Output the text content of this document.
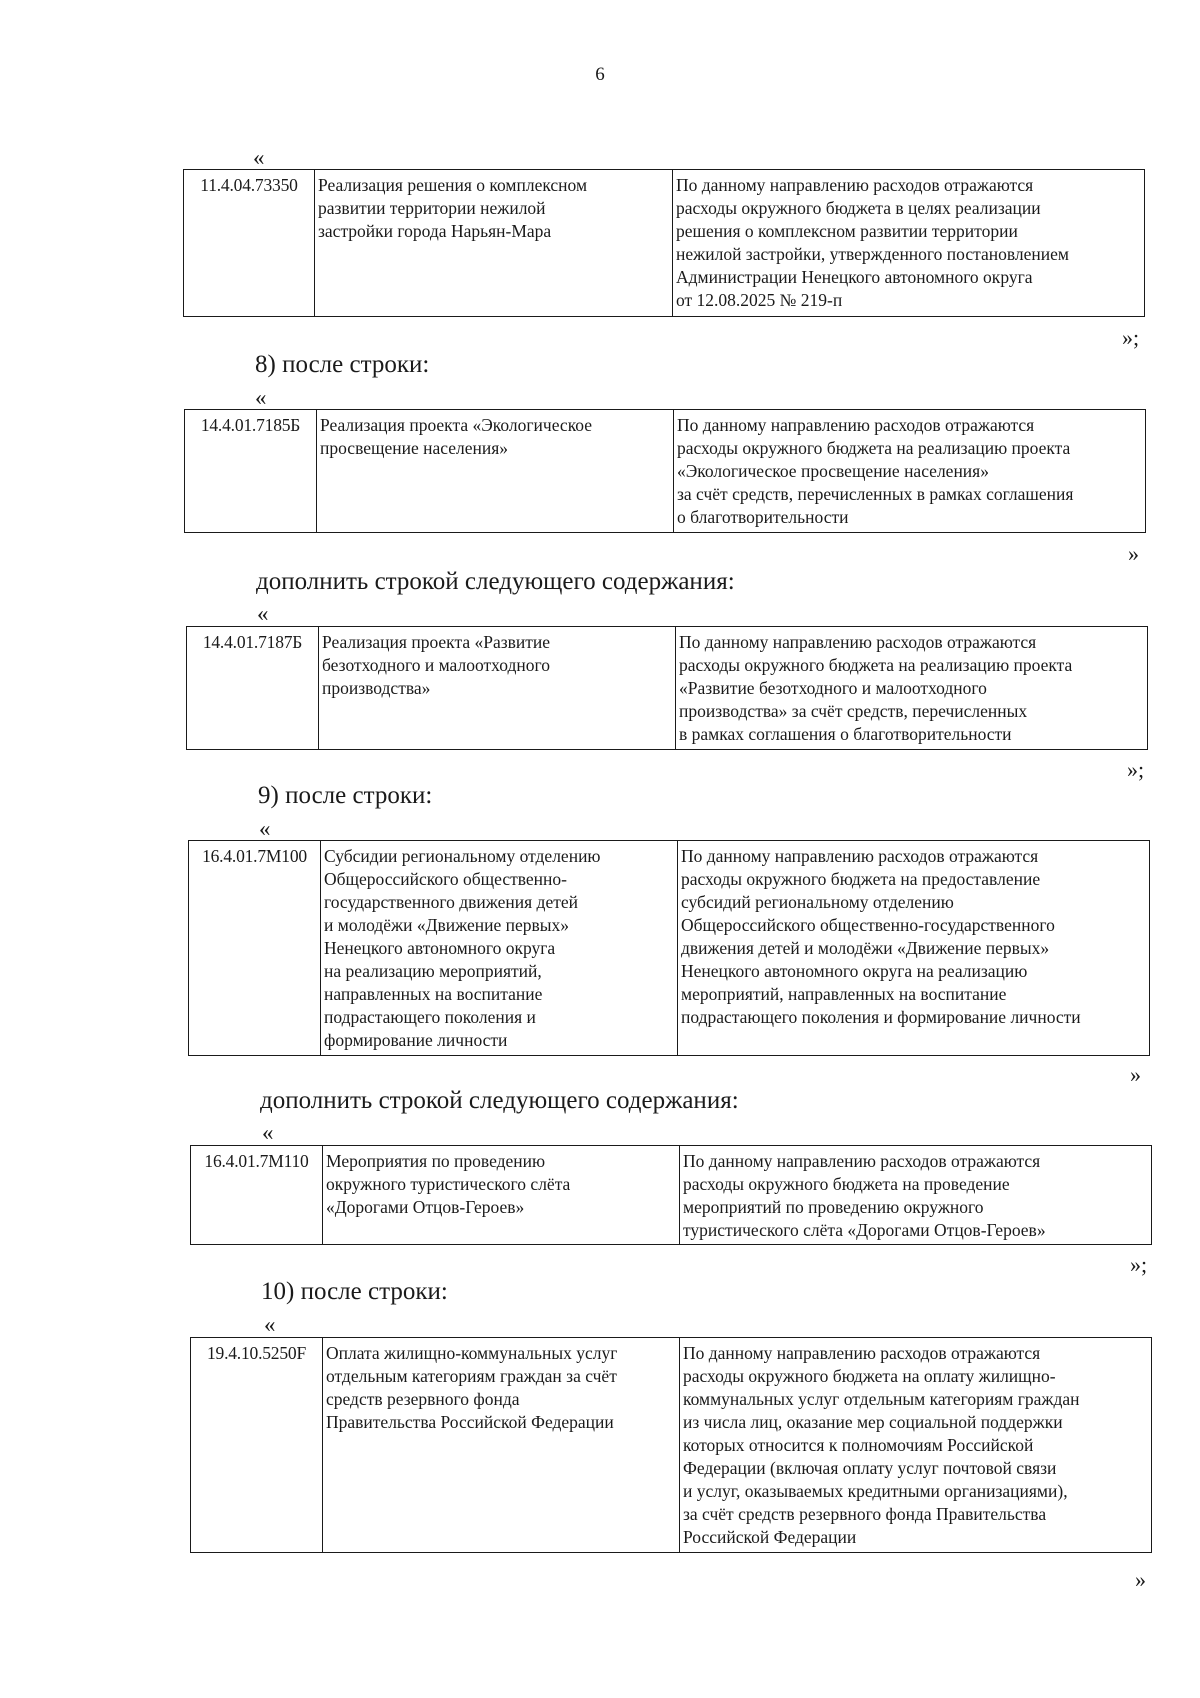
6
«
11.4.04.73350	Реализация решения о комплексном
развитии территории нежилой
застройки города Нарьян-Мара	По данному направлению расходов отражаются
расходы окружного бюджета в целях реализации
решения о комплексном развитии территории
нежилой застройки, утвержденного постановлением
Администрации Ненецкого автономного округа
от 12.08.2025 № 219-п
»;
8) после строки:
«
14.4.01.7185Б	Реализация проекта «Экологическое
просвещение населения»	По данному направлению расходов отражаются
расходы окружного бюджета на реализацию проекта
«Экологическое просвещение населения»
за счёт средств, перечисленных в рамках соглашения
о благотворительности
»
дополнить строкой следующего содержания:
«
14.4.01.7187Б	Реализация проекта «Развитие
безотходного и малоотходного
производства»	По данному направлению расходов отражаются
расходы окружного бюджета на реализацию проекта
«Развитие безотходного и малоотходного
производства» за счёт средств, перечисленных
в рамках соглашения о благотворительности
»;
9) после строки:
«
16.4.01.7М100	Субсидии региональному отделению
Общероссийского общественно-
государственного движения детей
и молодёжи «Движение первых»
Ненецкого автономного округа
на реализацию мероприятий,
направленных на воспитание
подрастающего поколения и
формирование личности	По данному направлению расходов отражаются
расходы окружного бюджета на предоставление
субсидий региональному отделению
Общероссийского общественно-государственного
движения детей и молодёжи «Движение первых»
Ненецкого автономного округа на реализацию
мероприятий, направленных на воспитание
подрастающего поколения и формирование личности
»
дополнить строкой следующего содержания:
«
16.4.01.7М110	Мероприятия по проведению
окружного туристического слёта
«Дорогами Отцов-Героев»	По данному направлению расходов отражаются
расходы окружного бюджета на проведение
мероприятий по проведению окружного
туристического слёта «Дорогами Отцов-Героев»
»;
10) после строки:
«
19.4.10.5250F	Оплата жилищно-коммунальных услуг
отдельным категориям граждан за счёт
средств резервного фонда
Правительства Российской Федерации	По данному направлению расходов отражаются
расходы окружного бюджета на оплату жилищно-
коммунальных услуг отдельным категориям граждан
из числа лиц, оказание мер социальной поддержки
которых относится к полномочиям Российской
Федерации (включая оплату услуг почтовой связи
и услуг, оказываемых кредитными организациями),
за счёт средств резервного фонда Правительства
Российской Федерации
»
